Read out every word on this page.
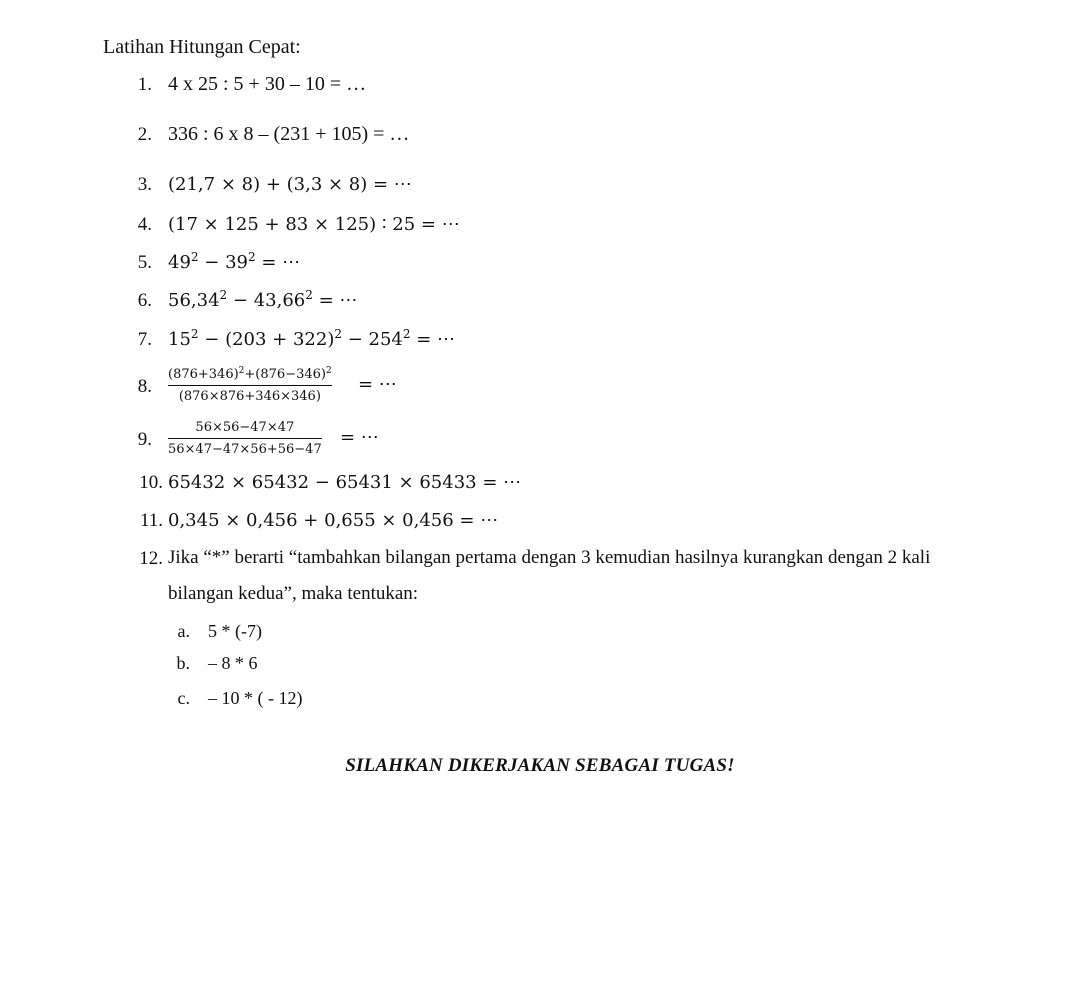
Latihan Hitungan Cepat:
1. 4 x 25 : 5 + 30 – 10 = …
2. 336 : 6 x 8 – (231 + 105) = …
3. (21,7 × 8) + (3,3 × 8) = ⋯
4. (17 × 125 + 83 × 125) ∶ 25 = ⋯
5. $49^2 - 39^2$ = ⋯
6. $56,34^2 - 43,66^2$ = ⋯
7. $15^2 - (203 + 322)^2 - 254^2$ = ⋯
8.
$(876+346)^2+(876-346)^2$
(876×876+346×346)
= ⋯
9.
56×56−47×47
56×47−47×56+56−47
= ⋯
10. 65432 × 65432 − 65431 × 65433 = ⋯
11. 0,345 × 0,456 + 0,655 × 0,456 = ⋯
12. Jika “*” berarti “tambahkan bilangan pertama dengan 3 kemudian hasilnya kurangkan dengan 2 kali
bilangan kedua”, maka tentukan:
a. 5 * (-7)
b. – 8 * 6
c. – 10 * ( - 12)
SILAHKAN DIKERJAKAN SEBAGAI TUGAS!
